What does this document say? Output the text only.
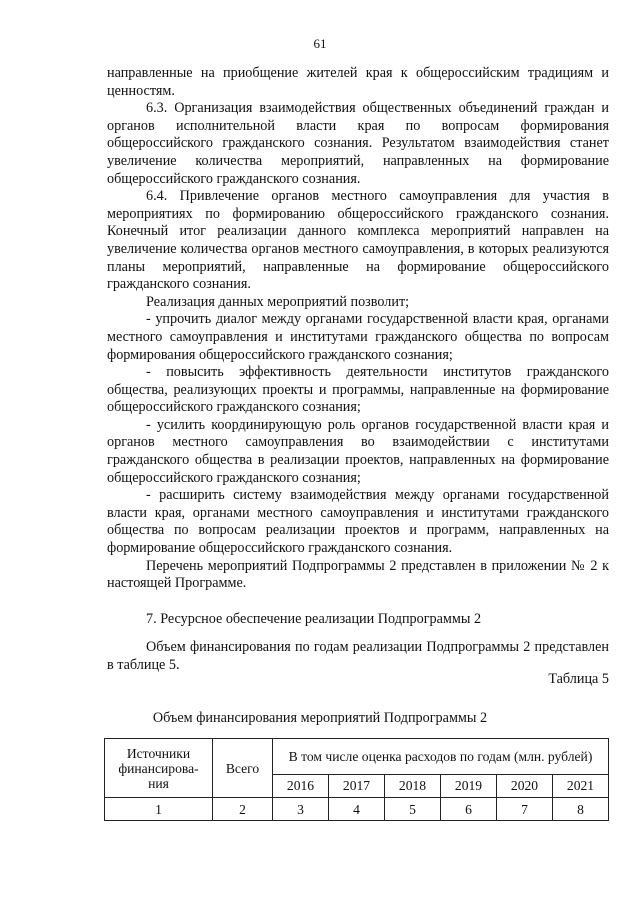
61

направленные на приобщение жителей края к общероссийским традициям и ценностям.

6.3. Организация взаимодействия общественных объединений граждан и органов исполнительной власти края по вопросам формирования общероссийского гражданского сознания. Результатом взаимодействия станет увеличение количества мероприятий, направленных на формирование общероссийского гражданского сознания.

6.4. Привлечение органов местного самоуправления для участия в мероприятиях по формированию общероссийского гражданского сознания. Конечный итог реализации данного комплекса мероприятий направлен на увеличение количества органов местного самоуправления, в которых реализуются планы мероприятий, направленные на формирование общероссийского гражданского сознания.

Реализация данных мероприятий позволит;

- упрочить диалог между органами государственной власти края, органами местного самоуправления и институтами гражданского общества по вопросам формирования общероссийского гражданского сознания;

- повысить эффективность деятельности институтов гражданского общества, реализующих проекты и программы, направленные на формирование общероссийского гражданского сознания;

- усилить координирующую роль органов государственной власти края и органов местного самоуправления во взаимодействии с институтами гражданского общества в реализации проектов, направленных на формирование общероссийского гражданского сознания;

- расширить систему взаимодействия между органами государственной власти края, органами местного самоуправления и институтами гражданского общества по вопросам реализации проектов и программ, направленных на формирование общероссийского гражданского сознания.

Перечень мероприятий Подпрограммы 2 представлен в приложении № 2 к настоящей Программе.

7. Ресурсное обеспечение реализации Подпрограммы 2

Объем финансирования по годам реализации Подпрограммы 2 представлен в таблице 5.

Таблица 5
Объем финансирования мероприятий Подпрограммы 2
Источники финансирова- ния	Всего	В том числе оценка расходов по годам (млн. рублей)					
		2016	2017	2018	2019	2020	2021
1	2	3	4	5	6	7	8
